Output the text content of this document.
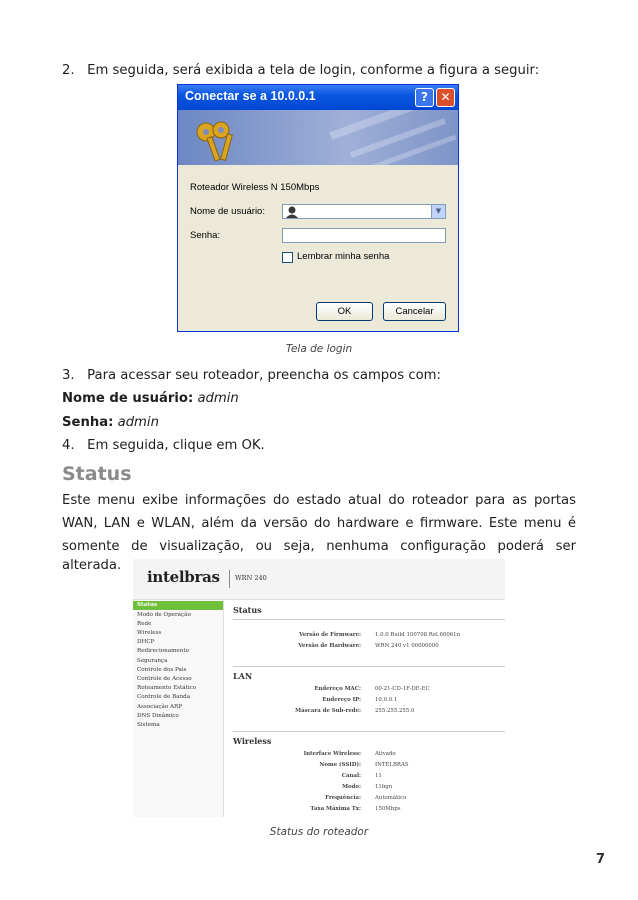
2. Em seguida, será exibida a tela de login, conforme a figura a seguir:
Conectar se a 10.0.0.1	?	✕
Roteador Wireless N 150Mbps
Nome de usuário:	▼
Senha:
Lembrar minha senha
OK	Cancelar
Tela de login
3. Para acessar seu roteador, preencha os campos com:
Nome de usuário: admin
Senha: admin
4. Em seguida, clique em OK.
Status
Este menu exibe informações do estado atual do roteador para as portas
WAN, LAN e WLAN, além da versão do hardware e firmware. Este menu é
somente de visualização, ou seja, nenhuma configuração poderá ser alterada.
intelbras WRN 240
Status
Modo de Operação
Rede
Wireless
DHCP
Redirecionamento
Segurança
Controle dos Pais
Controle de Acesso
Roteamento Estático
Controle de Banda
Associação ARP
DNS Dinâmico
Sistema
Status
Versão de Firmware:	1.0.0 Build 100708 Rel.60061n
Versão de Hardware:	WRN 240 v1 00000000
LAN
Endereço MAC:	00-21-CD-1F-DE-EC
Endereço IP:	10.0.0.1
Máscara de Sub-rede:	255.255.255.0
Wireless
Interface Wireless:	Ativado
Nome (SSID):	INTELBRAS
Canal:	11
Modo:	11bgn
Frequência:	Automático
Taxa Máxima Tx:	150Mbps
Status do roteador
7
